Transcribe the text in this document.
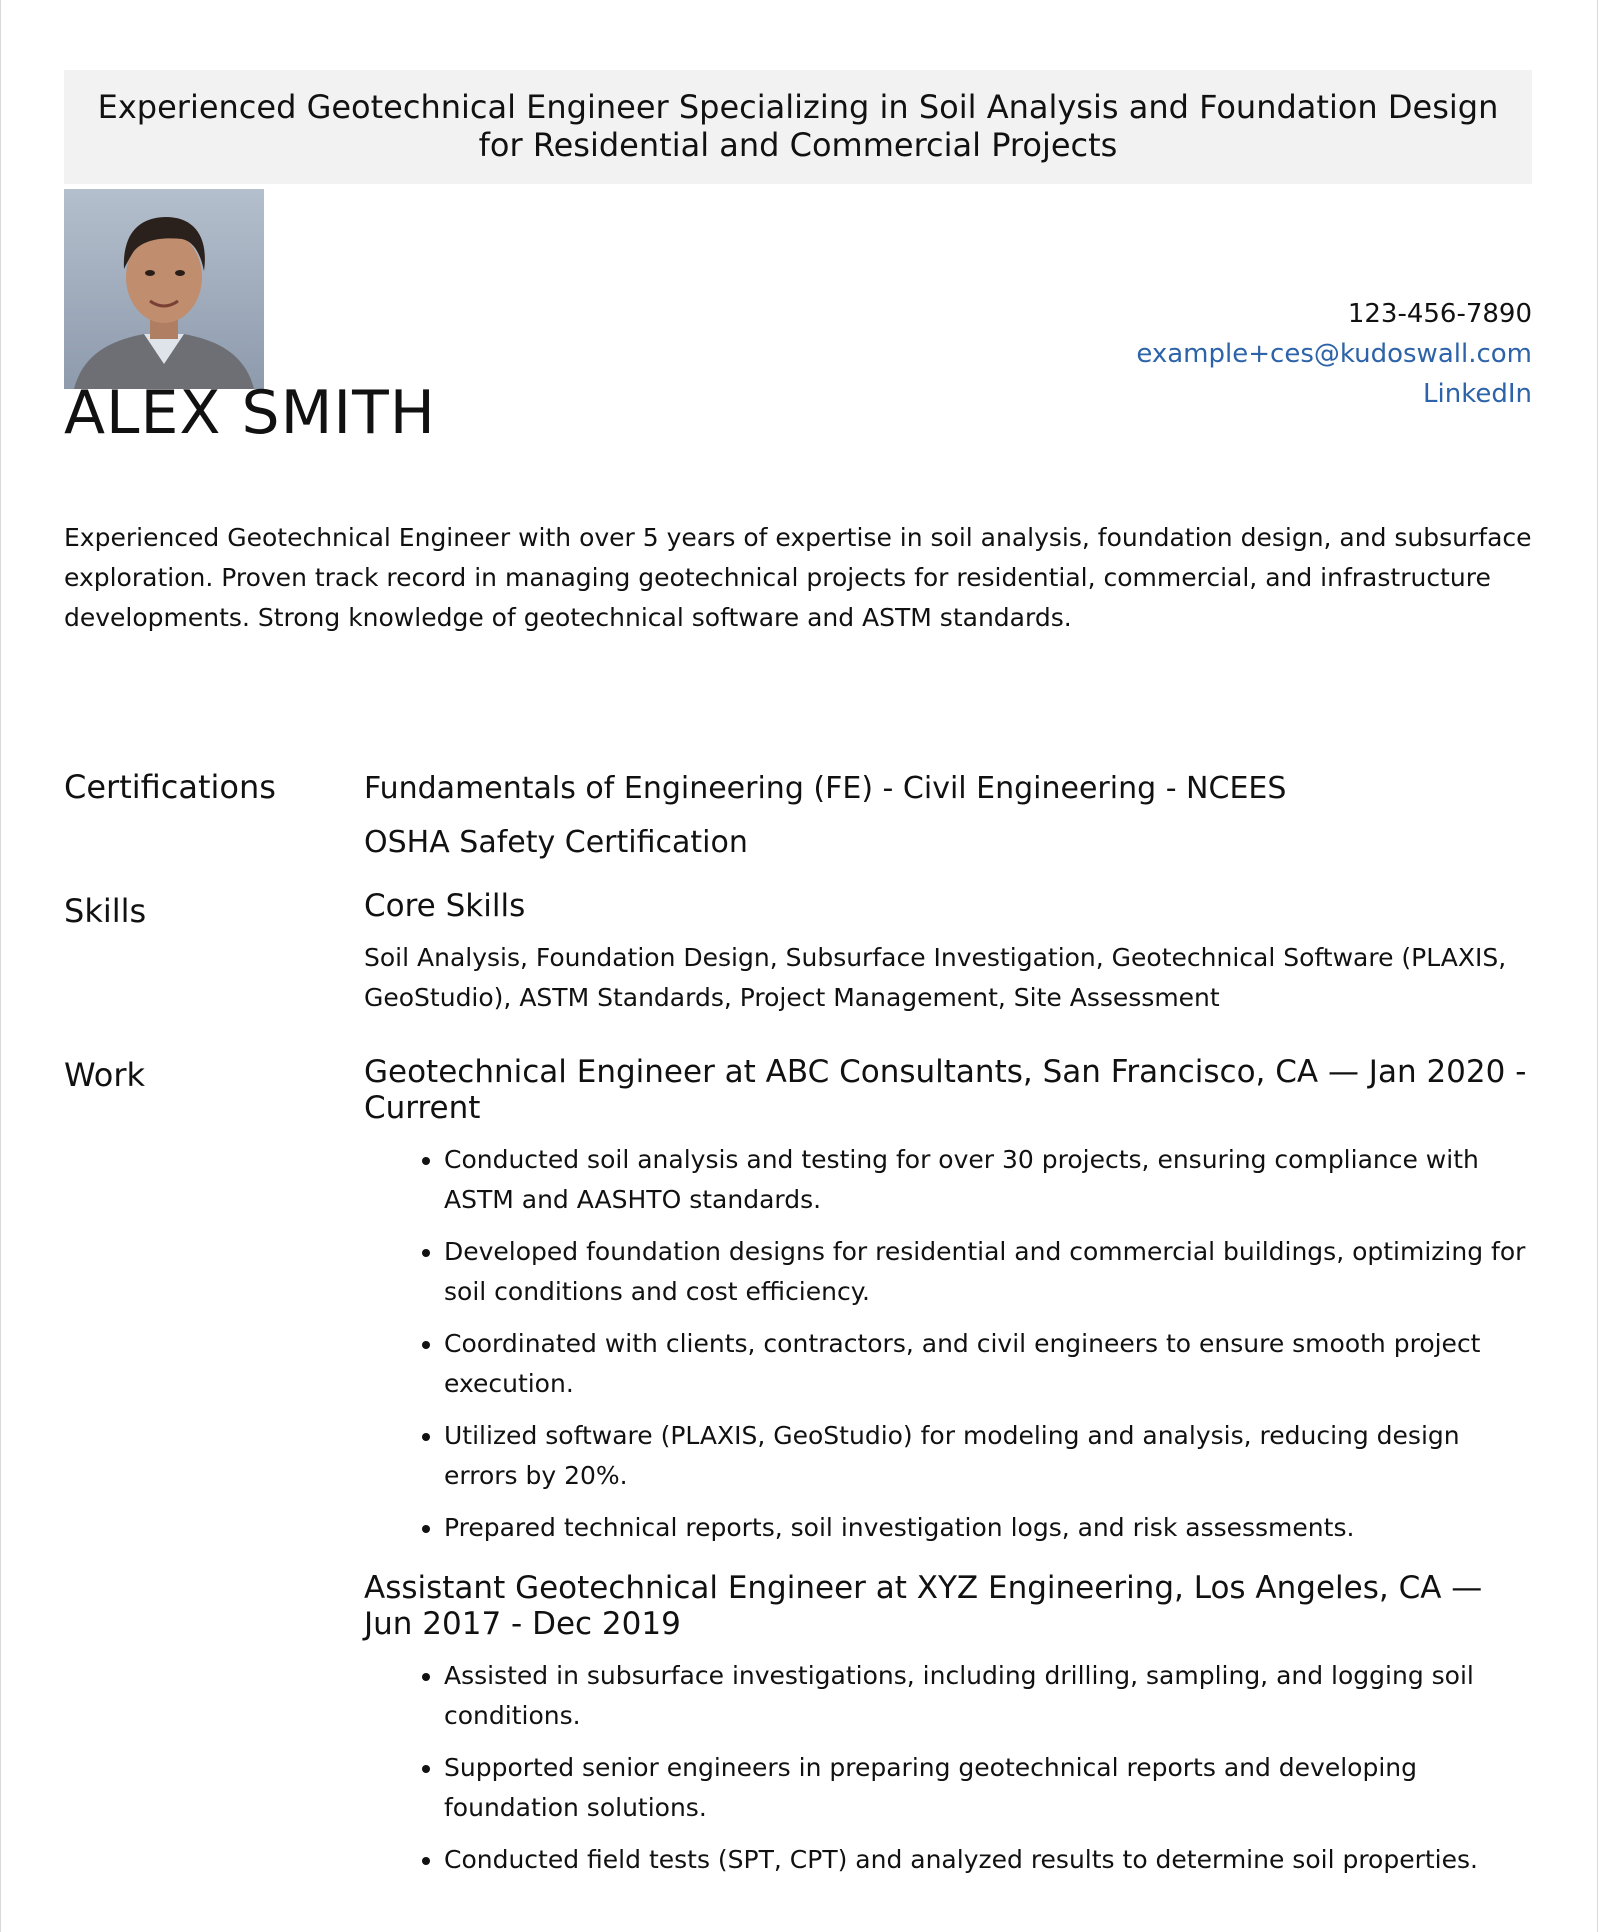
Experienced Geotechnical Engineer Specializing in Soil Analysis and Foundation Design for Residential and Commercial Projects
123-456-7890
example+ces@kudoswall.com
LinkedIn
ALEX SMITH
Experienced Geotechnical Engineer with over 5 years of expertise in soil analysis, foundation design, and subsurface exploration. Proven track record in managing geotechnical projects for residential, commercial, and infrastructure developments. Strong knowledge of geotechnical software and ASTM standards.
Certifications	Fundamentals of Engineering (FE) - Civil Engineering - NCEES
OSHA Safety Certification
Skills	Core Skills
Soil Analysis, Foundation Design, Subsurface Investigation, Geotechnical Software (PLAXIS, GeoStudio), ASTM Standards, Project Management, Site Assessment
Work	Geotechnical Engineer at ABC Consultants, San Francisco, CA — Jan 2020 - Current
• Conducted soil analysis and testing for over 30 projects, ensuring compliance with ASTM and AASHTO standards.
• Developed foundation designs for residential and commercial buildings, optimizing for soil conditions and cost efficiency.
• Coordinated with clients, contractors, and civil engineers to ensure smooth project execution.
• Utilized software (PLAXIS, GeoStudio) for modeling and analysis, reducing design errors by 20%.
• Prepared technical reports, soil investigation logs, and risk assessments.
Assistant Geotechnical Engineer at XYZ Engineering, Los Angeles, CA — Jun 2017 - Dec 2019
• Assisted in subsurface investigations, including drilling, sampling, and logging soil conditions.
• Supported senior engineers in preparing geotechnical reports and developing foundation solutions.
• Conducted field tests (SPT, CPT) and analyzed results to determine soil properties.
